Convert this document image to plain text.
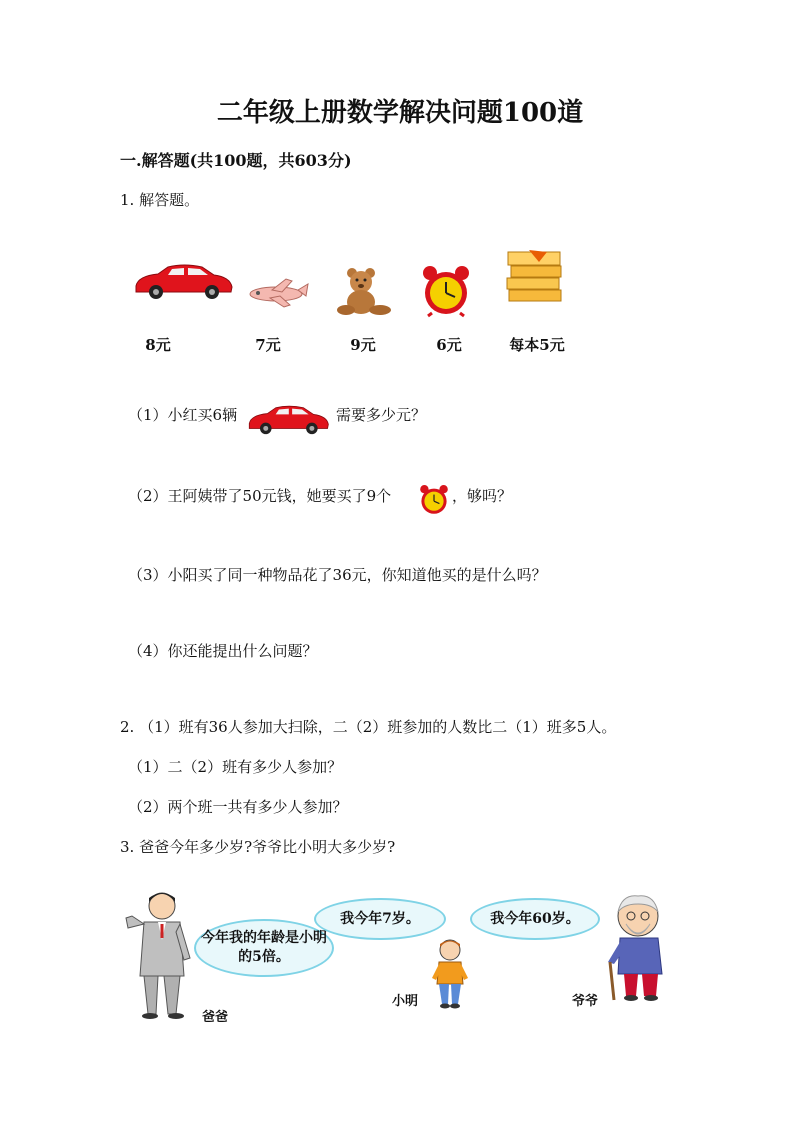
二年级上册数学解决问题100道
一.解答题(共100题，共603分)
1. 解答题。
8元	7元	9元	6元	每本5元
（1）小红买6辆	需要多少元？
（2）王阿姨带了50元钱，她要买了9个	，够吗？
（3）小阳买了同一种物品花了36元，你知道他买的是什么吗？
（4）你还能提出什么问题？
2. （1）班有36人参加大扫除，二（2）班参加的人数比二（1）班多5人。
（1）二（2）班有多少人参加？
（2）两个班一共有多少人参加？
3. 爸爸今年多少岁?爷爷比小明大多少岁?
今年我的年龄是小明的5倍。
我今年7岁。	我今年60岁。
爸爸
小明	爷爷
